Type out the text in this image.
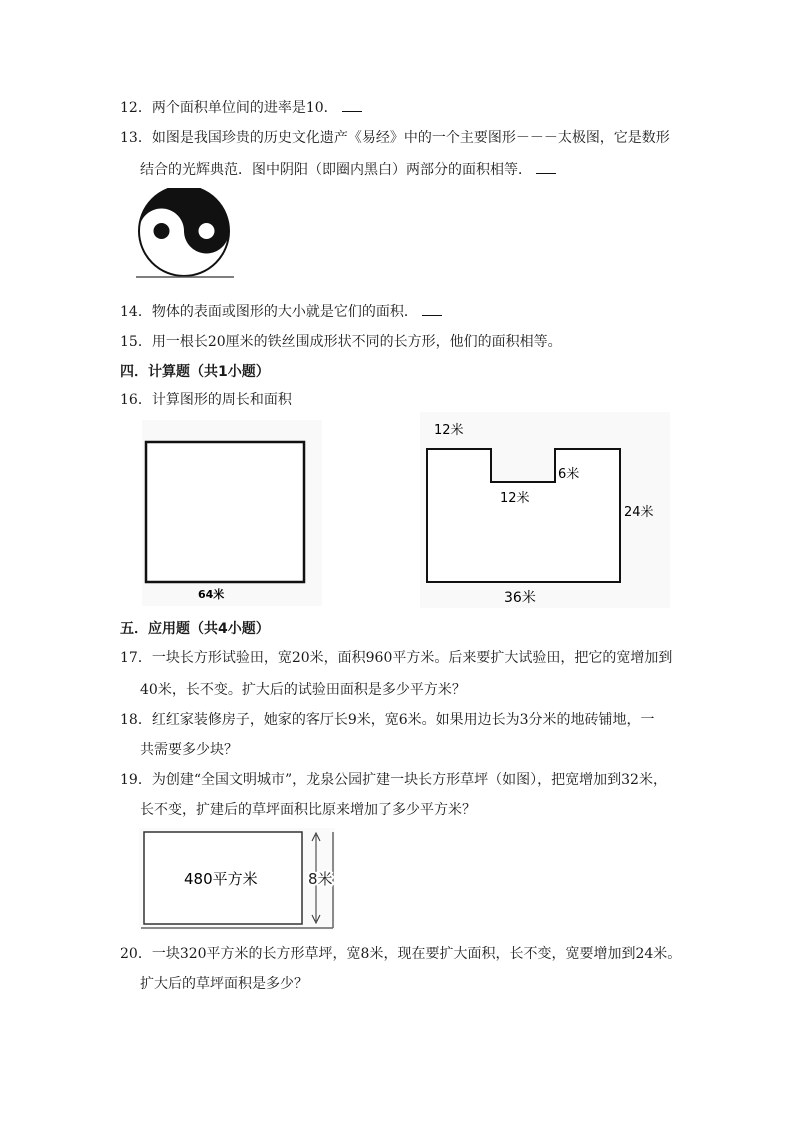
12．两个面积单位间的进率是10．
13．如图是我国珍贵的历史文化遗产《易经》中的一个主要图形－－－太极图，它是数形
结合的光辉典范．图中阴阳（即圈内黑白）两部分的面积相等．
14．物体的表面或图形的大小就是它们的面积．
15．用一根长20厘米的铁丝围成形状不同的长方形，他们的面积相等。
四．计算题（共1小题）
16．计算图形的周长和面积
64米
12米
6米
12米
24米
36米
五．应用题（共4小题）
17．一块长方形试验田，宽20米，面积960平方米。后来要扩大试验田，把它的宽增加到
40米，长不变。扩大后的试验田面积是多少平方米？
18．红红家装修房子，她家的客厅长9米，宽6米。如果用边长为3分米的地砖铺地，一
共需要多少块？
19．为创建“全国文明城市”，龙泉公园扩建一块长方形草坪（如图），把宽增加到32米，
长不变，扩建后的草坪面积比原来增加了多少平方米？
480平方米	8米
20．一块320平方米的长方形草坪，宽8米，现在要扩大面积，长不变，宽要增加到24米。
扩大后的草坪面积是多少？
